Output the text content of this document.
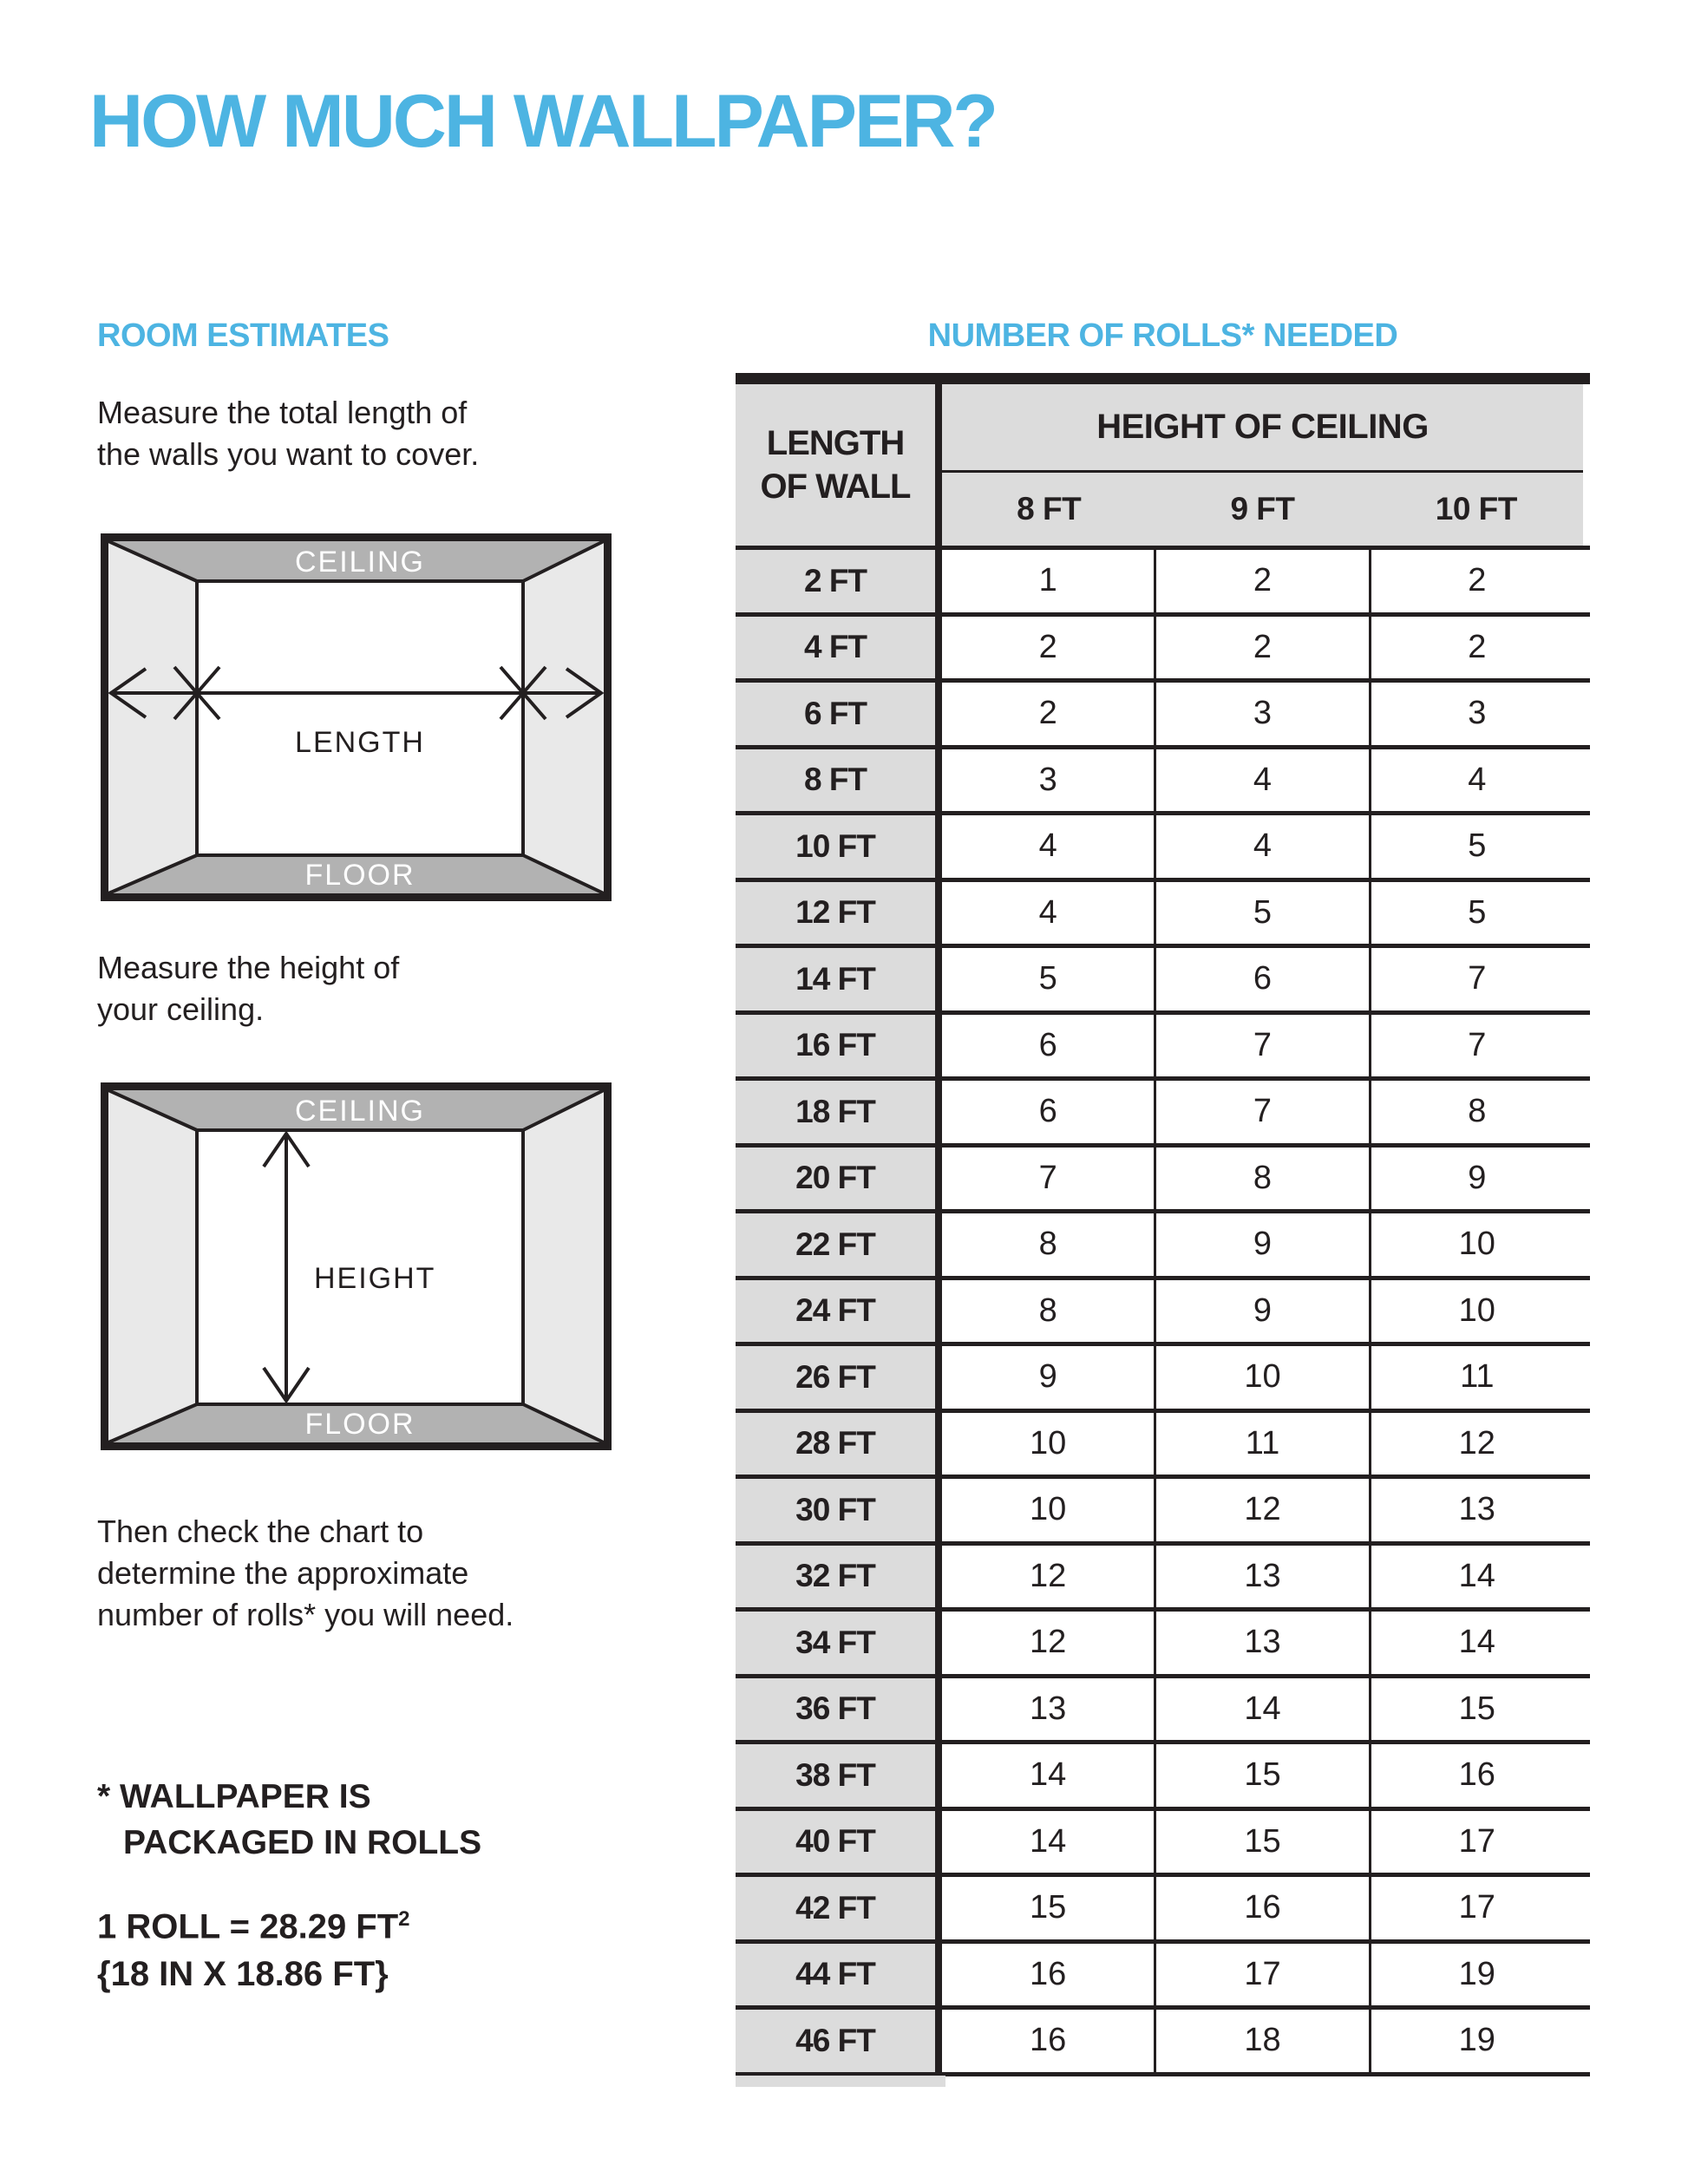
HOW MUCH WALLPAPER?
ROOM ESTIMATES	NUMBER OF ROLLS* NEEDED
Measure the total length of
the walls you want to cover.
CEILING
FLOOR
LENGTH
Measure the height of
your ceiling.
CEILING
FLOOR
HEIGHT
Then check the chart to
determine the approximate
number of rolls* you will need.
* WALLPAPER IS
PACKAGED IN ROLLS
1 ROLL = 28.29 $FT^2$
{18 IN X 18.86 FT}
LENGTH
OF WALL
HEIGHT OF CEILING
8 FT	9 FT	10 FT
2 FT	1	2	2
4 FT	2	2	2
6 FT	2	3	3
8 FT	3	4	4
10 FT	4	4	5
12 FT	4	5	5
14 FT	5	6	7
16 FT	6	7	7
18 FT	6	7	8
20 FT	7	8	9
22 FT	8	9	10
24 FT	8	9	10
26 FT	9	10	11
28 FT	10	11	12
30 FT	10	12	13
32 FT	12	13	14
34 FT	12	13	14
36 FT	13	14	15
38 FT	14	15	16
40 FT	14	15	17
42 FT	15	16	17
44 FT	16	17	19
46 FT	16	18	19
